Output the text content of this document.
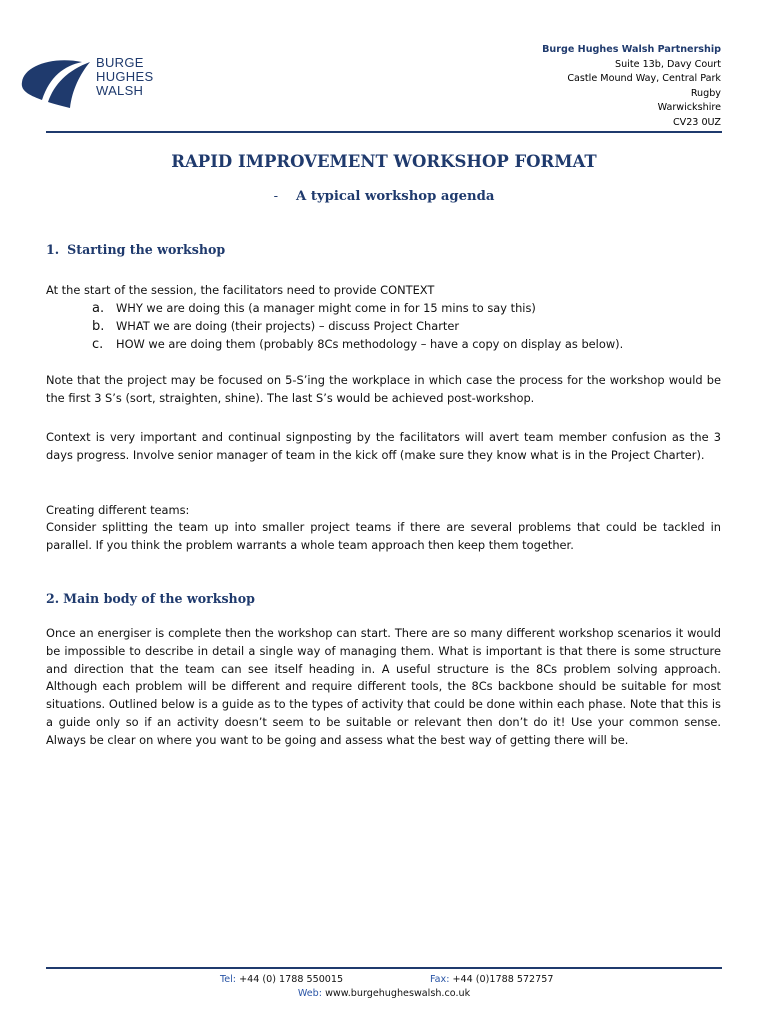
BURGE
HUGHES
WALSH
Burge Hughes Walsh Partnership
Suite 13b, Davy Court
Castle Mound Way, Central Park
Rugby
Warwickshire
CV23 0UZ
RAPID IMPROVEMENT WORKSHOP FORMAT
- A typical workshop agenda
1. Starting the workshop
At the start of the session, the facilitators need to provide CONTEXT
a.	WHY we are doing this (a manager might come in for 15 mins to say this)
b.	WHAT we are doing (their projects) – discuss Project Charter
c.	HOW we are doing them (probably 8Cs methodology – have a copy on display as below).
Note that the project may be focused on 5-S’ing the workplace in which case the process for the workshop would be the first 3 S’s (sort, straighten, shine). The last S’s would be achieved post-workshop.
Context is very important and continual signposting by the facilitators will avert team member confusion as the 3 days progress. Involve senior manager of team in the kick off (make sure they know what is in the Project Charter).
Creating different teams:
Consider splitting the team up into smaller project teams if there are several problems that could be tackled in parallel. If you think the problem warrants a whole team approach then keep them together.
2. Main body of the workshop
Once an energiser is complete then the workshop can start. There are so many different workshop scenarios it would be impossible to describe in detail a single way of managing them. What is important is that there is some structure and direction that the team can see itself heading in. A useful structure is the 8Cs problem solving approach. Although each problem will be different and require different tools, the 8Cs backbone should be suitable for most situations. Outlined below is a guide as to the types of activity that could be done within each phase. Note that this is a guide only so if an activity doesn’t seem to be suitable or relevant then don’t do it! Use your common sense. Always be clear on where you want to be going and assess what the best way of getting there will be.
Tel: +44 (0) 1788 550015	Fax: +44 (0)1788 572757
Web: www.burgehugheswalsh.co.uk
